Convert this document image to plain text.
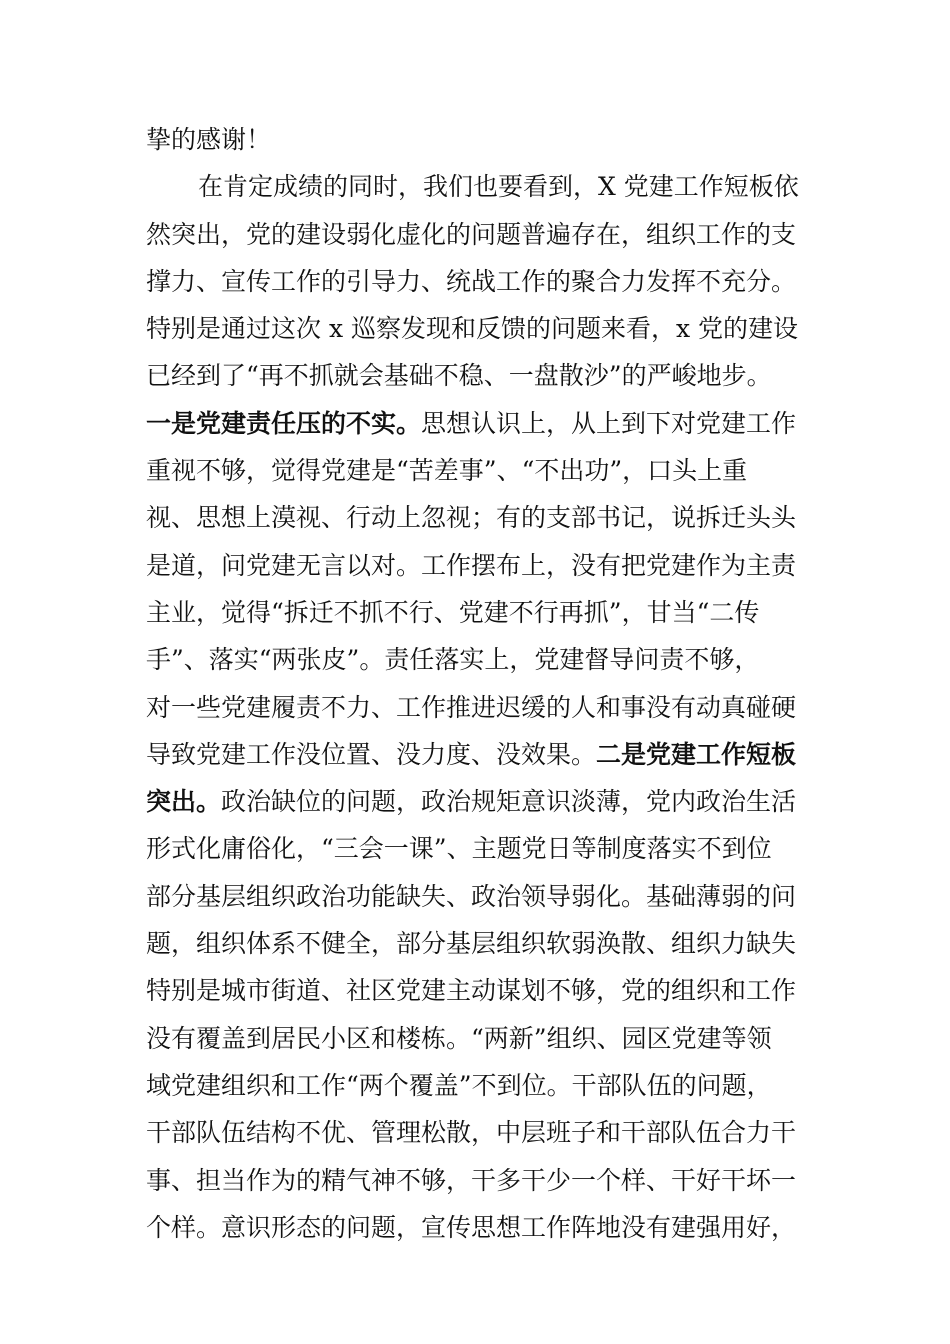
挚的感谢！
在肯定成绩的同时，我们也要看到，X 党建工作短板依
然突出，党的建设弱化虚化的问题普遍存在，组织工作的支
撑力、宣传工作的引导力、统战工作的聚合力发挥不充分。
特别是通过这次 x 巡察发现和反馈的问题来看，x 党的建设
已经到了“再不抓就会基础不稳、一盘散沙”的严峻地步。
一是党建责任压的不实。思想认识上，从上到下对党建工作
重视不够，觉得党建是“苦差事”、“不出功”，口头上重
视、思想上漠视、行动上忽视；有的支部书记，说拆迁头头
是道，问党建无言以对。工作摆布上，没有把党建作为主责
主业，觉得“拆迁不抓不行、党建不行再抓”，甘当“二传
手”、落实“两张皮”。责任落实上，党建督导问责不够，
对一些党建履责不力、工作推进迟缓的人和事没有动真碰硬
导致党建工作没位置、没力度、没效果。二是党建工作短板
突出。政治缺位的问题，政治规矩意识淡薄，党内政治生活
形式化庸俗化，“三会一课”、主题党日等制度落实不到位
部分基层组织政治功能缺失、政治领导弱化。基础薄弱的问
题，组织体系不健全，部分基层组织软弱涣散、组织力缺失
特别是城市街道、社区党建主动谋划不够，党的组织和工作
没有覆盖到居民小区和楼栋。“两新”组织、园区党建等领
域党建组织和工作“两个覆盖”不到位。干部队伍的问题，
干部队伍结构不优、管理松散，中层班子和干部队伍合力干
事、担当作为的精气神不够，干多干少一个样、干好干坏一
个样。意识形态的问题，宣传思想工作阵地没有建强用好，
